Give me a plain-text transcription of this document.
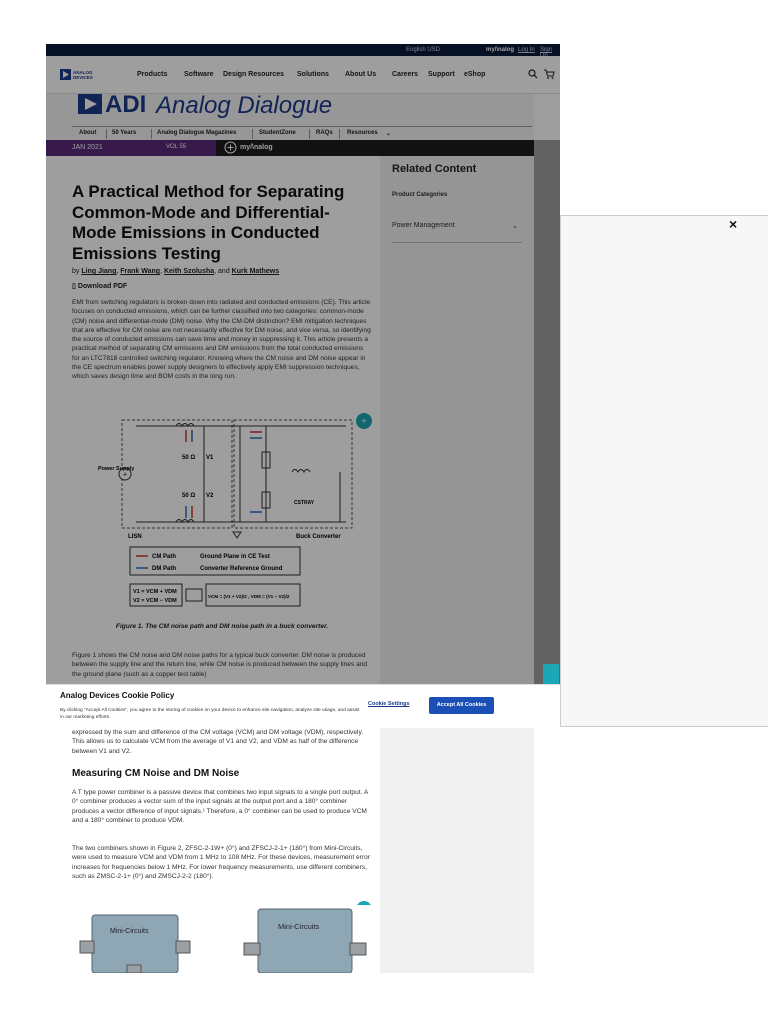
English USD	my/\nalog Log In Sign
ANALOG
DEVICES	Products Software Design Resources Solutions About Us Careers Support eShop
ADI Analog Dialogue
About	50 Years	Analog Dialogue Magazines	StudentZone	RAQs Resources ⌄
JAN 2021	VOL 55	my/\nalog
A Practical Method for Separating Common-Mode and Differential-Mode Emissions in Conducted Emissions Testing
by Ling Jiang, Frank Wang, Keith Szolusha, and Kurk Mathews
▯ Download PDF

EMI from switching regulators is broken down into radiated and conducted emissions (CE). This article focuses on conducted emissions, which can be further classified into two categories: common-mode (CM) noise and differential-mode (DM) noise. Why the CM-DM distinction? EMI mitigation techniques that are effective for CM noise are not necessarily effective for DM noise, and vice versa, so identifying the source of conducted emissions can save time and money in suppressing it. This article presents a practical method of separating CM emissions and DM emissions from the total conducted emissions for an LTC7818 controlled switching regulator. Knowing where the CM noise and DM noise appear in the CE spectrum enables power supply designers to effectively apply EMI suppression techniques, which saves design time and BOM costs in the long run.

+
+
Power Supply
50 Ω V1
50 Ω V2
CSTRAY
LISN	Buck Converter
CM Path
DM Path
Ground Plane in CE Test
Converter Reference Ground
V1 = VCM + VDM
V2 = VCM − VDM
VCM = (V1 + V2)/2 , VDM = (V1 − V2)/2
Figure 1. The CM noise path and DM noise path in a buck converter.

Figure 1 shows the CM noise and DM noise paths for a typical buck converter. DM noise is produced between the supply line and the return line, while CM noise is produced between the supply lines and the ground plane (such as a copper test table)

expressed by the sum and difference of the CM voltage (VCM) and DM voltage (VDM), respectively. This allows us to calculate VCM from the average of V1 and V2, and VDM as half of the difference between V1 and V2.

Measuring CM Noise and DM Noise

A T type power combiner is a passive device that combines two input signals to a single port output. A 0° combiner produces a vector sum of the input signals at the output port and a 180° combiner produces a vector difference of input signals.¹ Therefore, a 0° combiner can be used to produce VCM and a 180° combiner to produce VDM.

The two combiners shown in Figure 2, ZFSC-2-1W+ (0°) and ZFSCJ-2-1+ (180°) from Mini-Circuits, were used to measure VCM and VDM from 1 MHz to 108 MHz. For these devices, measurement error increases for frequencies below 1 MHz. For lower frequency measurements, use different combiners, such as ZMSC-2-1+ (0°) and ZMSCJ-2-2 (180°).

Mini-Circuits
Mini-Circuits
Related Content
Product Categories
Power Management	⌄	×
Analog Devices Cookie Policy
By clicking "Accept All Cookies", you agree to the storing of cookies on your device to enhance site navigation, analyze site usage, and assist in our marketing efforts.
Cookie Settings	Accept All Cookies
